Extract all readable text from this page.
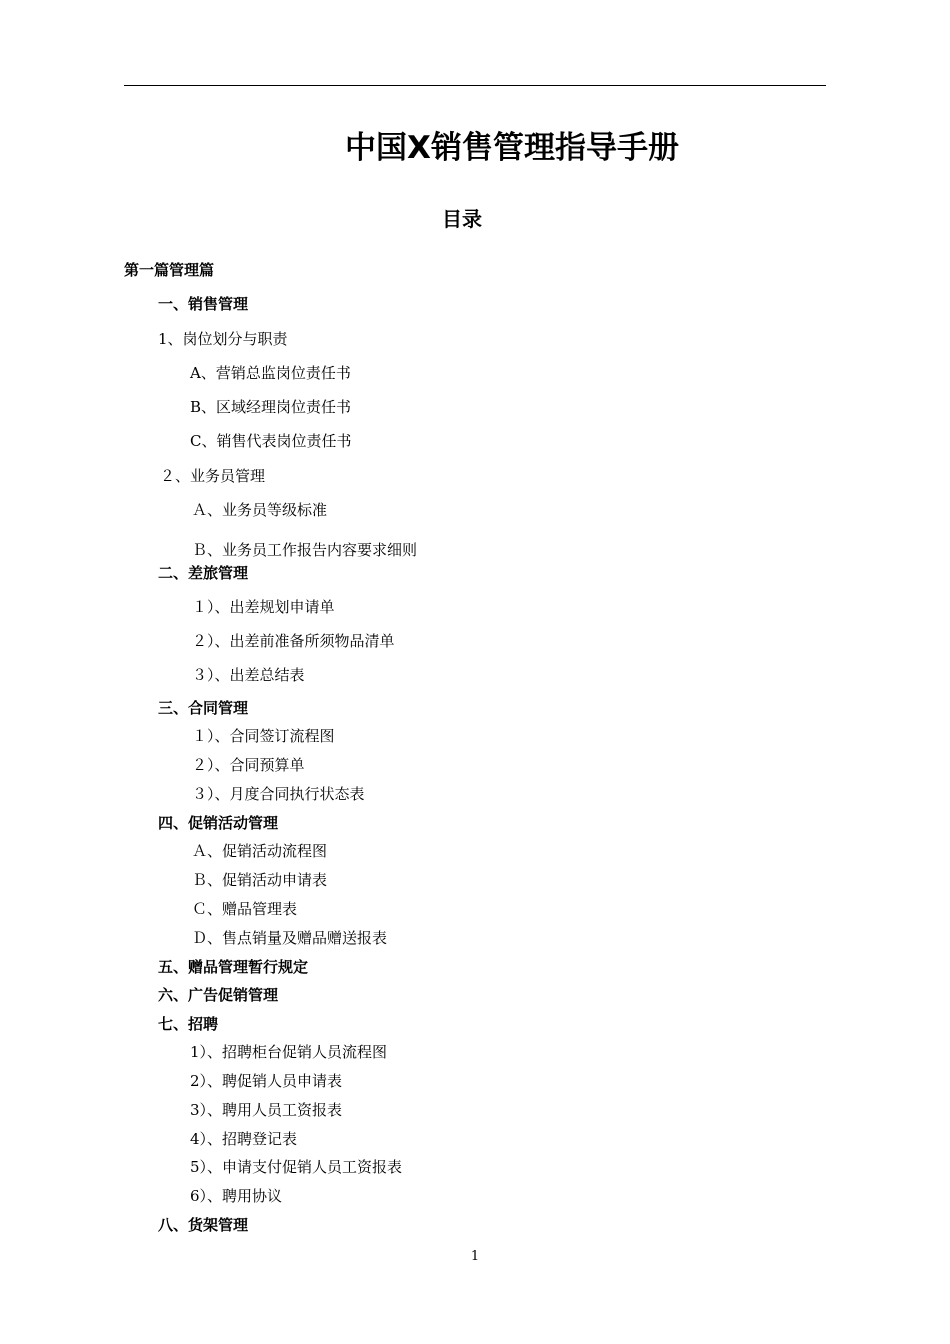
中国Ⅹ销售管理指导手册
目录
第一篇管理篇
一、销售管理
1、岗位划分与职责
A、营销总监岗位责任书
B、区域经理岗位责任书
C、销售代表岗位责任书
２、业务员管理
Ａ、业务员等级标准
Ｂ、业务员工作报告内容要求细则
二、差旅管理
１）、出差规划申请单
２）、出差前准备所须物品清单
３）、出差总结表
三、合同管理
１）、合同签订流程图
２）、合同预算单
３）、月度合同执行状态表
四、促销活动管理
Ａ、促销活动流程图
Ｂ、促销活动申请表
Ｃ、赠品管理表
Ｄ、售点销量及赠品赠送报表
五、赠品管理暂行规定
六、广告促销管理
七、招聘
1）、招聘柜台促销人员流程图
2）、聘促销人员申请表
3）、聘用人员工资报表
4）、招聘登记表
5）、申请支付促销人员工资报表
6）、聘用协议
八、货架管理
1
